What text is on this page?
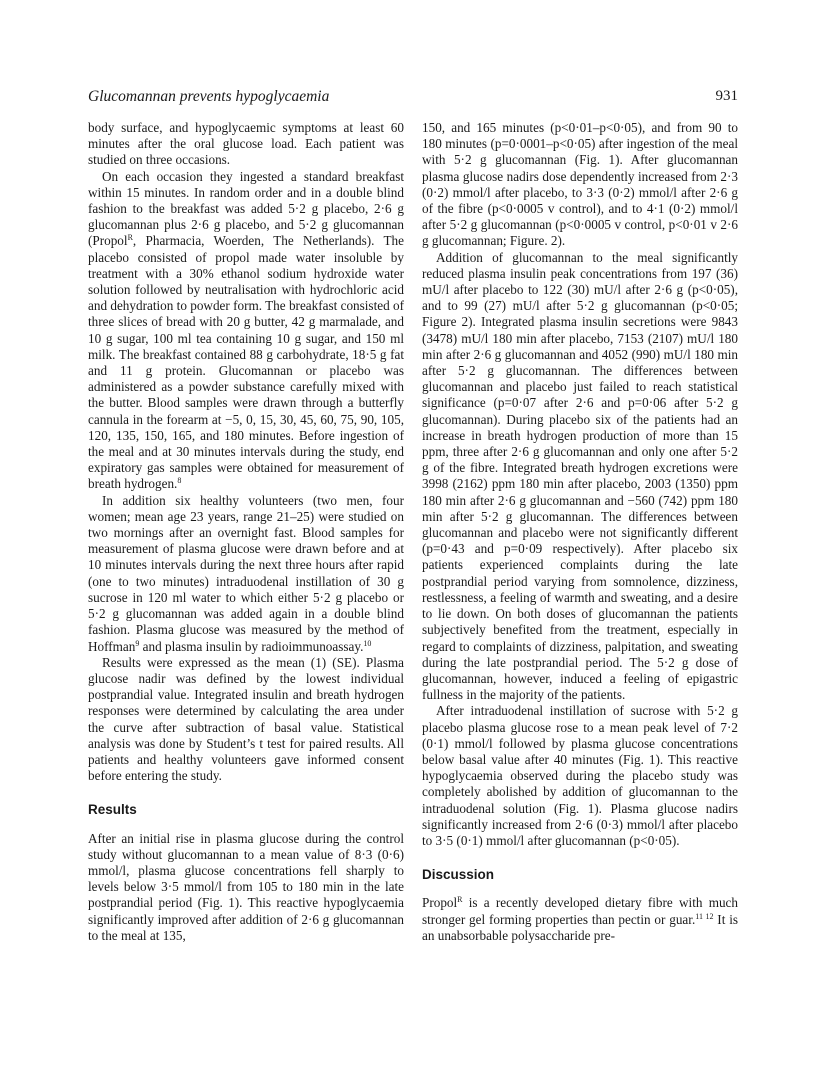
Glucomannan prevents hypoglycaemia	931

body surface, and hypoglycaemic symptoms at least 60 minutes after the oral glucose load. Each patient was studied on three occasions.

On each occasion they ingested a standard breakfast within 15 minutes. In random order and in a double blind fashion to the breakfast was added 5·2 g placebo, 2·6 g glucomannan plus 2·6 g placebo, and 5·2 g glucomannan (Propol$^R$, Pharmacia, Woerden, The Netherlands). The placebo consisted of propol made water insoluble by treatment with a 30% ethanol sodium hydroxide water solution followed by neutralisation with hydrochloric acid and dehydration to powder form. The breakfast consisted of three slices of bread with 20 g butter, 42 g marmalade, and 10 g sugar, 100 ml tea containing 10 g sugar, and 150 ml milk. The breakfast contained 88 g carbohydrate, 18·5 g fat and 11 g protein. Glucomannan or placebo was administered as a powder substance carefully mixed with the butter. Blood samples were drawn through a butterfly cannula in the forearm at −5, 0, 15, 30, 45, 60, 75, 90, 105, 120, 135, 150, 165, and 180 minutes. Before ingestion of the meal and at 30 minutes intervals during the study, end expiratory gas samples were obtained for measurement of breath hydrogen.$^8$

In addition six healthy volunteers (two men, four women; mean age 23 years, range 21–25) were studied on two mornings after an overnight fast. Blood samples for measurement of plasma glucose were drawn before and at 10 minutes intervals during the next three hours after rapid (one to two minutes) intraduodenal instillation of 30 g sucrose in 120 ml water to which either 5·2 g placebo or 5·2 g glucomannan was added again in a double blind fashion. Plasma glucose was measured by the method of Hoffman$^9$ and plasma insulin by radioimmunoassay.$^{10}$

Results were expressed as the mean (1) (SE). Plasma glucose nadir was defined by the lowest individual postprandial value. Integrated insulin and breath hydrogen responses were determined by calculating the area under the curve after subtraction of basal value. Statistical analysis was done by Student’s t test for paired results. All patients and healthy volunteers gave informed consent before entering the study.

Results

After an initial rise in plasma glucose during the control study without glucomannan to a mean value of 8·3 (0·6) mmol/l, plasma glucose concentrations fell sharply to levels below 3·5 mmol/l from 105 to 180 min in the late postprandial period (Fig. 1). This reactive hypoglycaemia significantly improved after addition of 2·6 g glucomannan to the meal at 135,

150, and 165 minutes (p<0·01–p<0·05), and from 90 to 180 minutes (p=0·0001–p<0·05) after ingestion of the meal with 5·2 g glucomannan (Fig. 1). After glucomannan plasma glucose nadirs dose dependently increased from 2·3 (0·2) mmol/l after placebo, to 3·3 (0·2) mmol/l after 2·6 g of the fibre (p<0·0005 v control), and to 4·1 (0·2) mmol/l after 5·2 g glucomannan (p<0·0005 v control, p<0·01 v 2·6 g glucomannan; Figure. 2).

Addition of glucomannan to the meal significantly reduced plasma insulin peak concentrations from 197 (36) mU/l after placebo to 122 (30) mU/l after 2·6 g (p<0·05), and to 99 (27) mU/l after 5·2 g glucomannan (p<0·05; Figure 2). Integrated plasma insulin secretions were 9843 (3478) mU/l 180 min after placebo, 7153 (2107) mU/l 180 min after 2·6 g glucomannan and 4052 (990) mU/l 180 min after 5·2 g glucomannan. The differences between glucomannan and placebo just failed to reach statistical significance (p=0·07 after 2·6 and p=0·06 after 5·2 g glucomannan). During placebo six of the patients had an increase in breath hydrogen production of more than 15 ppm, three after 2·6 g glucomannan and only one after 5·2 g of the fibre. Integrated breath hydrogen excretions were 3998 (2162) ppm 180 min after placebo, 2003 (1350) ppm 180 min after 2·6 g glucomannan and −560 (742) ppm 180 min after 5·2 g glucomannan. The differences between glucomannan and placebo were not significantly different (p=0·43 and p=0·09 respectively). After placebo six patients experienced complaints during the late postprandial period varying from somnolence, dizziness, restlessness, a feeling of warmth and sweating, and a desire to lie down. On both doses of glucomannan the patients subjectively benefited from the treatment, especially in regard to complaints of dizziness, palpitation, and sweating during the late postprandial period. The 5·2 g dose of glucomannan, however, induced a feeling of epigastric fullness in the majority of the patients.

After intraduodenal instillation of sucrose with 5·2 g placebo plasma glucose rose to a mean peak level of 7·2 (0·1) mmol/l followed by plasma glucose concentrations below basal value after 40 minutes (Fig. 1). This reactive hypoglycaemia observed during the placebo study was completely abolished by addition of glucomannan to the intraduodenal solution (Fig. 1). Plasma glucose nadirs significantly increased from 2·6 (0·3) mmol/l after placebo to 3·5 (0·1) mmol/l after glucomannan (p<0·05).

Discussion

Propol$^R$ is a recently developed dietary fibre with much stronger gel forming properties than pectin or guar.$^{11 12}$ It is an unabsorbable polysaccharide pre-
